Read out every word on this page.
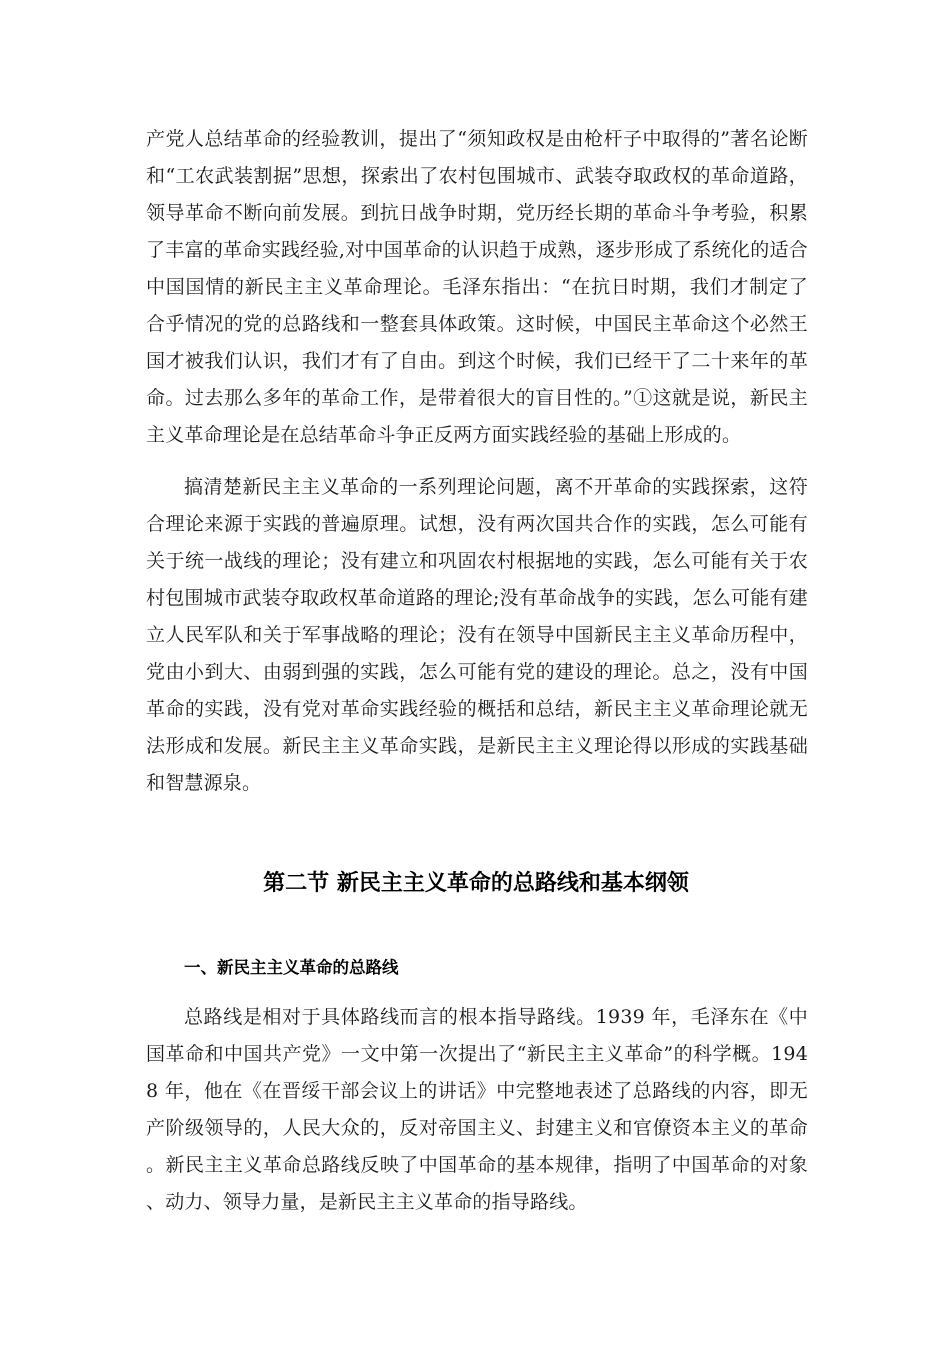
产党人总结革命的经验教训，提出了“须知政权是由枪杆子中取得的”著名论断和“工农武装割据”思想，探索出了农村包围城市、武装夺取政权的革命道路，领导革命不断向前发展。到抗日战争时期，党历经长期的革命斗争考验，积累了丰富的革命实践经验,对中国革命的认识趋于成熟，逐步形成了系统化的适合中国国情的新民主主义革命理论。毛泽东指出：“在抗日时期，我们才制定了合乎情况的党的总路线和一整套具体政策。这时候，中国民主革命这个必然王国才被我们认识，我们才有了自由。到这个时候，我们已经干了二十来年的革命。过去那么多年的革命工作，是带着很大的盲目性的。”①这就是说，新民主主义革命理论是在总结革命斗争正反两方面实践经验的基础上形成的。

搞清楚新民主主义革命的一系列理论问题，离不开革命的实践探索，这符合理论来源于实践的普遍原理。试想，没有两次国共合作的实践，怎么可能有关于统一战线的理论；没有建立和巩固农村根据地的实践，怎么可能有关于农村包围城市武装夺取政权革命道路的理论;没有革命战争的实践，怎么可能有建立人民军队和关于军事战略的理论；没有在领导中国新民主主义革命历程中，党由小到大、由弱到强的实践，怎么可能有党的建设的理论。总之，没有中国革命的实践，没有党对革命实践经验的概括和总结，新民主主义革命理论就无法形成和发展。新民主主义革命实践，是新民主主义理论得以形成的实践基础和智慧源泉。

第二节 新民主主义革命的总路线和基本纲领
一、新民主主义革命的总路线

总路线是相对于具体路线而言的根本指导路线。1939 年，毛泽东在《中国革命和中国共产党》一文中第一次提出了“新民主主义革命”的科学概。1948 年，他在《在晋绥干部会议上的讲话》中完整地表述了总路线的内容，即无产阶级领导的，人民大众的，反对帝国主义、封建主义和官僚资本主义的革命。新民主主义革命总路线反映了中国革命的基本规律，指明了中国革命的对象、动力、领导力量，是新民主主义革命的指导路线。
